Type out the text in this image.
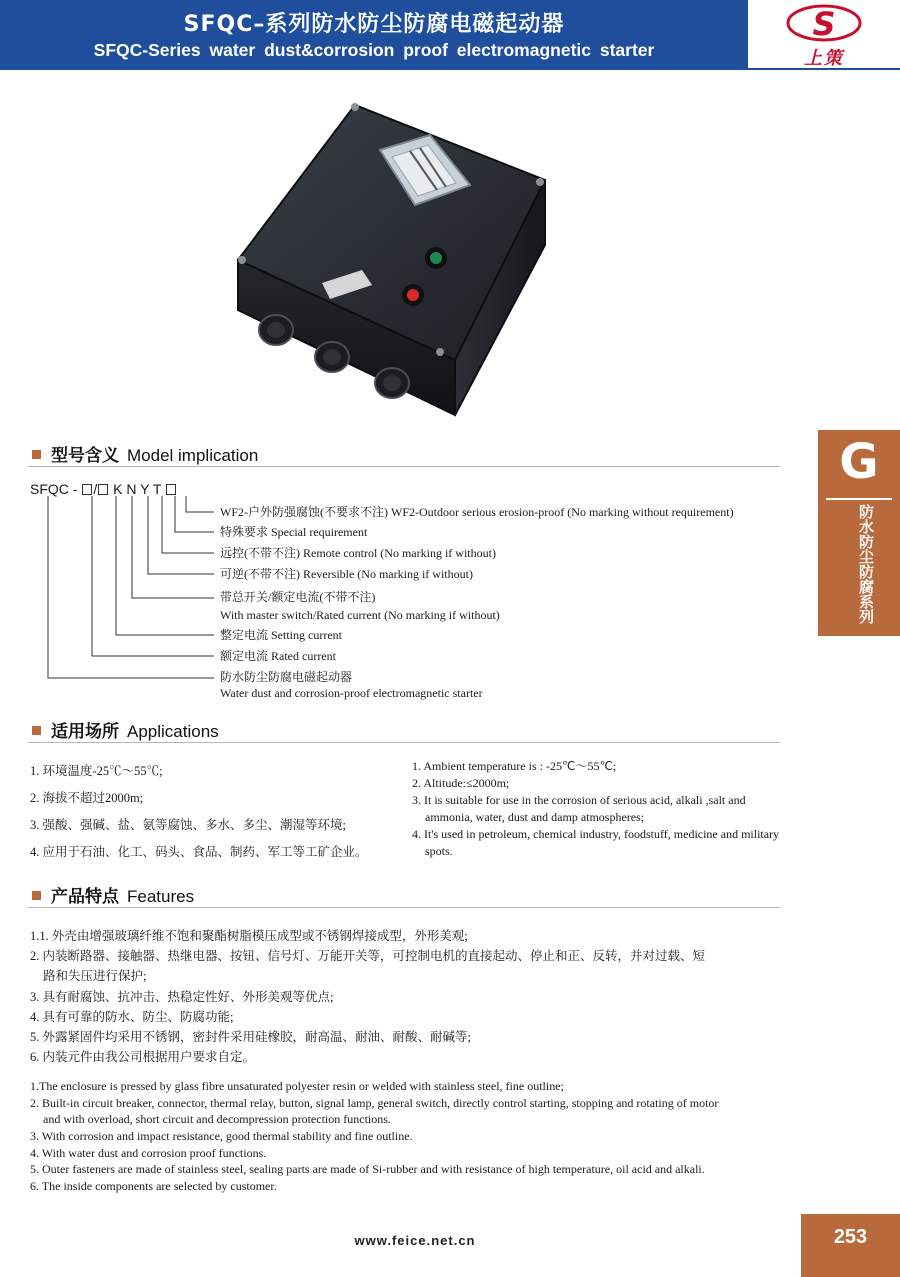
SFQC–系列防水防尘防腐电磁起动器
SFQC-Series water dust&corrosion proof electromagnetic starter
S
上策
G
防水防尘防腐系列
型号含义 Model implication
SFQC - / K N Y T
WF2-户外防强腐蚀(不要求不注) WF2-Outdoor serious erosion-proof (No marking without requirement)
特殊要求 Special requirement
远控(不带不注) Remote control (No marking if without)
可逆(不带不注) Reversible (No marking if without)
带总开关/额定电流(不带不注)
With master switch/Rated current (No marking if without)
整定电流 Setting current
额定电流 Rated current
防水防尘防腐电磁起动器
Water dust and corrosion-proof electromagnetic starter
适用场所 Applications
1. 环境温度-25℃～55℃;
2. 海拔不超过2000m;
3. 强酸、强碱、盐、氨等腐蚀、多水、多尘、潮湿等环境;
4. 应用于石油、化工、码头、食品、制药、军工等工矿企业。
1. Ambient temperature is : -25℃～55℃;
2. Altitude:≤2000m;
3. It is suitable for use in the corrosion of serious acid, alkali ,salt and ammonia, water, dust and damp atmospheres;
4. It's used in petroleum, chemical industry, foodstuff, medicine and military spots.
产品特点 Features
1.1. 外壳由增强玻璃纤维不饱和聚酯树脂模压成型或不锈钢焊接成型，外形美观;
2. 内装断路器、接触器、热继电器、按钮、信号灯、万能开关等，可控制电机的直接起动、停止和正、反转，并对过载、短
路和失压进行保护;
3. 具有耐腐蚀、抗冲击、热稳定性好、外形美观等优点;
4. 具有可靠的防水、防尘、防腐功能;
5. 外露紧固件均采用不锈钢，密封件采用硅橡胶，耐高温、耐油、耐酸、耐碱等;
6. 内装元件由我公司根据用户要求自定。
1.The enclosure is pressed by glass fibre unsaturated polyester resin or welded with stainless steel, fine outline;
2. Built-in circuit breaker, connector, thermal relay, button, signal lamp, general switch, directly control starting, stopping and rotating of motor
and with overload, short circuit and decompression protection functions.
3. With corrosion and impact resistance, good thermal stability and fine outline.
4. With water dust and corrosion proof functions.
5. Outer fasteners are made of stainless steel, sealing parts are made of Si-rubber and with resistance of high temperature, oil acid and alkali.
6. The inside components are selected by customer.
www.feice.net.cn	253
